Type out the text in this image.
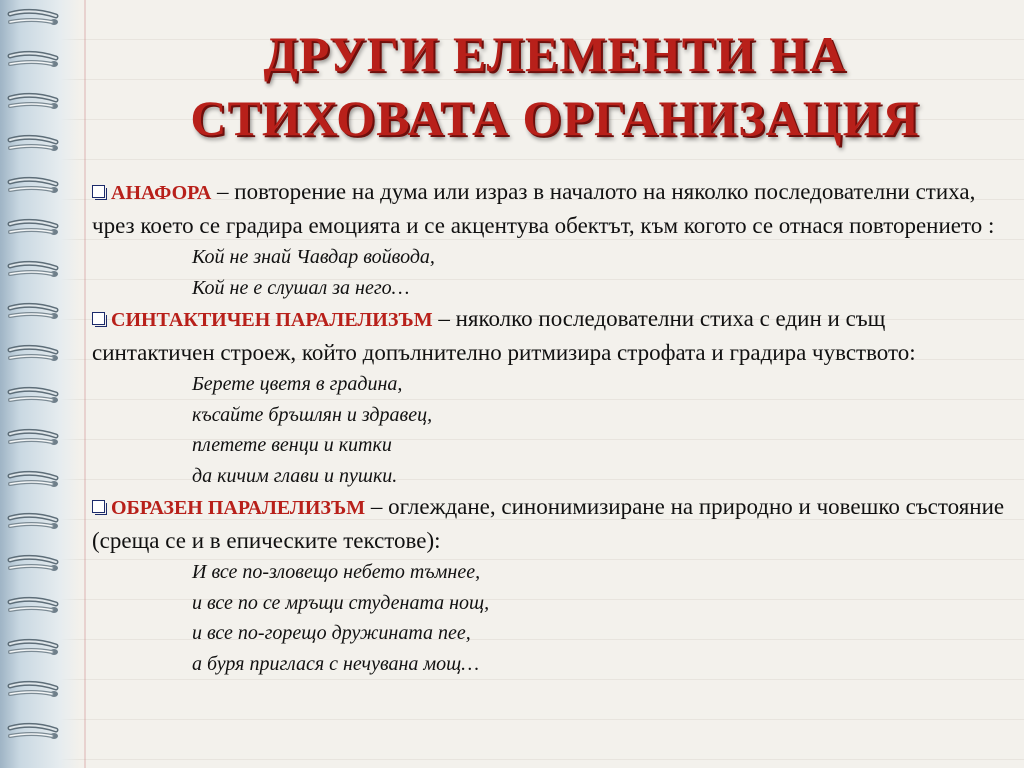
ДРУГИ ЕЛЕМЕНТИ НА
СТИХОВАТА ОРГАНИЗАЦИЯ

АНАФОРА – повторение на дума или израз в началото на няколко последователни стиха, чрез което се градира емоцията и се акцентува обектът, към когото се отнася повторението :

Кой не знай Чавдар войвода,

Кой не е слушал за него…

СИНТАКТИЧЕН ПАРАЛЕЛИЗЪМ – няколко последователни стиха с един и същ синтактичен строеж, който допълнително ритмизира строфата и градира чувството:

Берете цветя в градина,

късайте бръшлян и здравец,

плетете венци и китки

да кичим глави и пушки.

ОБРАЗЕН ПАРАЛЕЛИЗЪМ – оглеждане, синонимизиране на природно и човешко състояние (среща се и в епическите текстове):

И все по-зловещо небето тъмнее,

и все по се мръщи студената нощ,

и все по-горещо дружината пее,

а буря приглася с нечувана мощ…
